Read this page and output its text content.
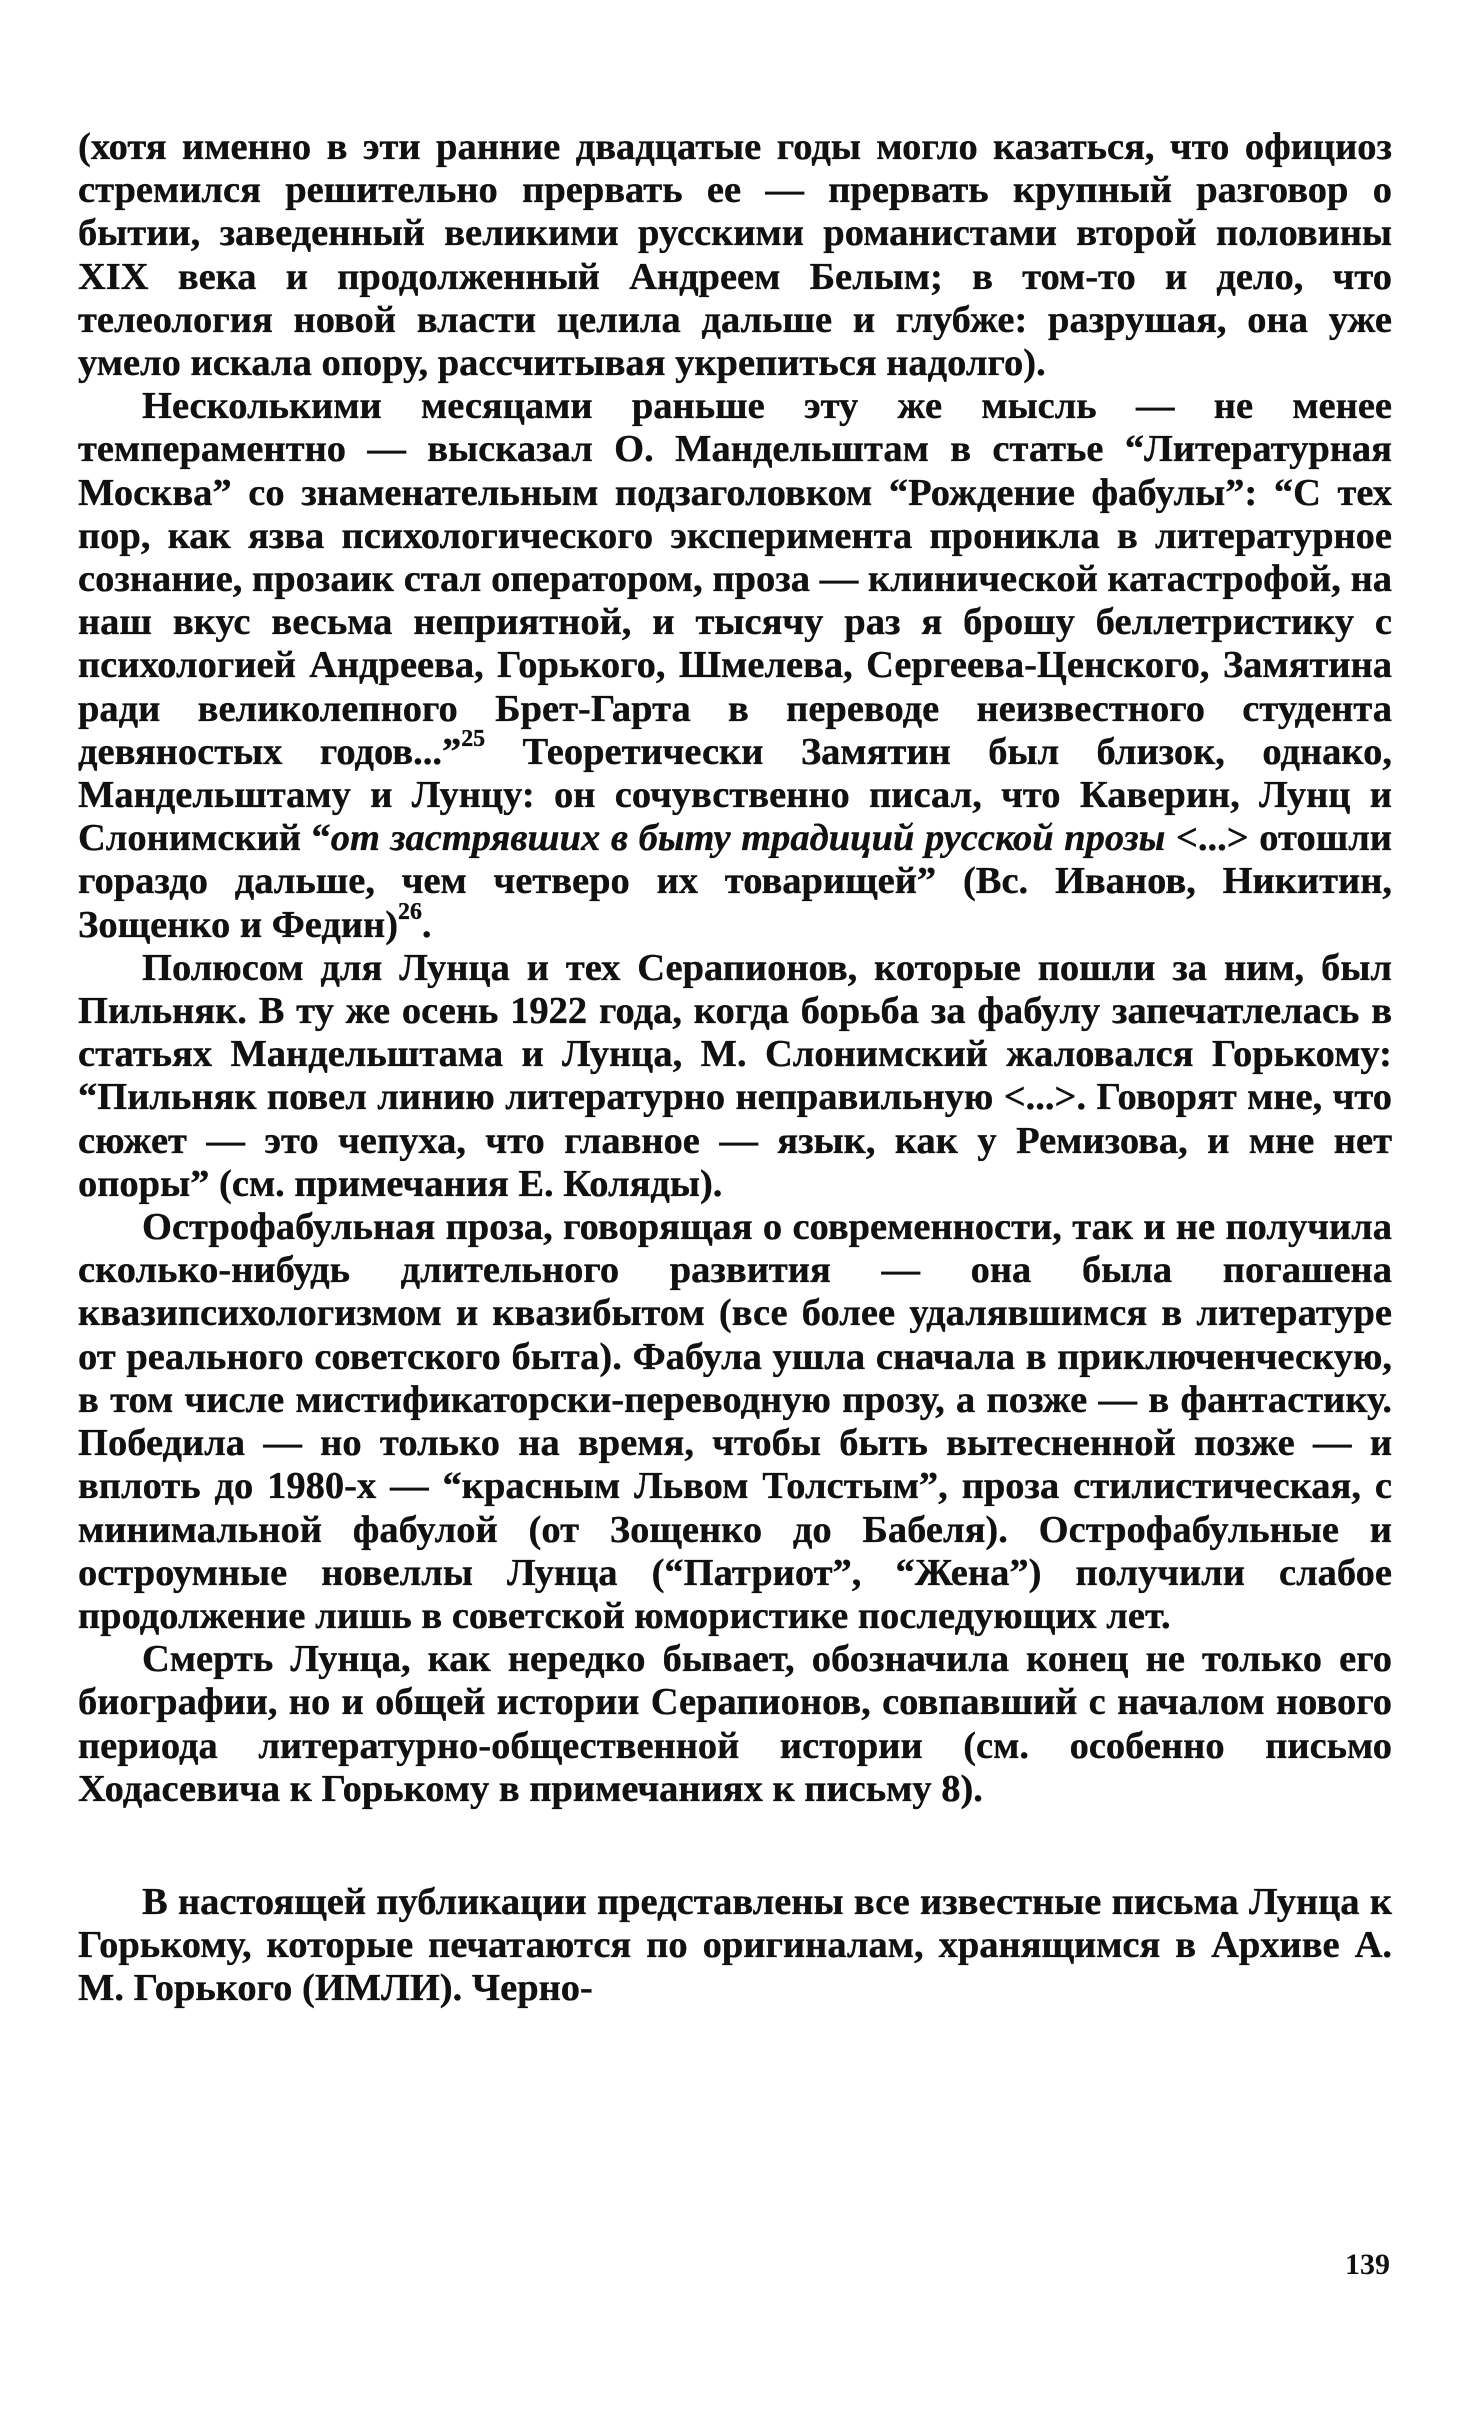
(хотя именно в эти ранние двадцатые годы могло казаться, что официоз стремился решительно прервать ее — прервать крупный разговор о бытии, заведенный великими русскими романистами второй половины XIX века и продолженный Андреем Белым; в том-то и дело, что телеология новой власти целила дальше и глубже: разрушая, она уже умело искала опору, рассчитывая укрепиться надолго).

Несколькими месяцами раньше эту же мысль — не менее темпераментно — высказал О. Мандельштам в статье “Литературная Москва” со знаменательным подзаголовком “Рождение фабулы”: “С тех пор, как язва психологического эксперимента проникла в литературное сознание, прозаик стал оператором, проза — клинической катастрофой, на наш вкус весьма неприятной, и тысячу раз я брошу беллетристику с психологией Андреева, Горького, Шмелева, Сергеева-Ценского, Замятина ради великолепного Брет-Гарта в переводе неизвестного студента девяностых годов...”$^{25}$ Теоретически Замятин был близок, однако, Мандельштаму и Лунцу: он сочувственно писал, что Каверин, Лунц и Слонимский “от застрявших в быту традиций русской прозы <...> отошли гораздо дальше, чем четверо их товарищей” (Вс. Иванов, Никитин, Зощенко и Федин)$^{26}$.

Полюсом для Лунца и тех Серапионов, которые пошли за ним, был Пильняк. В ту же осень 1922 года, когда борьба за фабулу запечатлелась в статьях Мандельштама и Лунца, М. Слонимский жаловался Горькому: “Пильняк повел линию литературно неправильную <...>. Говорят мне, что сюжет — это чепуха, что главное — язык, как у Ремизова, и мне нет опоры” (см. примечания Е. Коляды).

Острофабульная проза, говорящая о современности, так и не получила сколько-нибудь длительного развития — она была погашена квазипсихологизмом и квазибытом (все более удалявшимся в литературе от реального советского быта). Фабула ушла сначала в приключенческую, в том числе мистификаторски-переводную прозу, а позже — в фантастику. Победила — но только на время, чтобы быть вытесненной позже — и вплоть до 1980-х — “красным Львом Толстым”, проза стилистическая, с минимальной фабулой (от Зощенко до Бабеля). Острофабульные и остроумные новеллы Лунца (“Патриот”, “Жена”) получили слабое продолжение лишь в советской юмористике последующих лет.

Смерть Лунца, как нередко бывает, обозначила конец не только его биографии, но и общей истории Серапионов, совпавший с началом нового периода литературно-общественной истории (см. особенно письмо Ходасевича к Горькому в примечаниях к письму 8).

В настоящей публикации представлены все известные письма Лунца к Горькому, которые печатаются по оригиналам, хранящимся в Архиве А. М. Горького (ИМЛИ). Черно-

139
